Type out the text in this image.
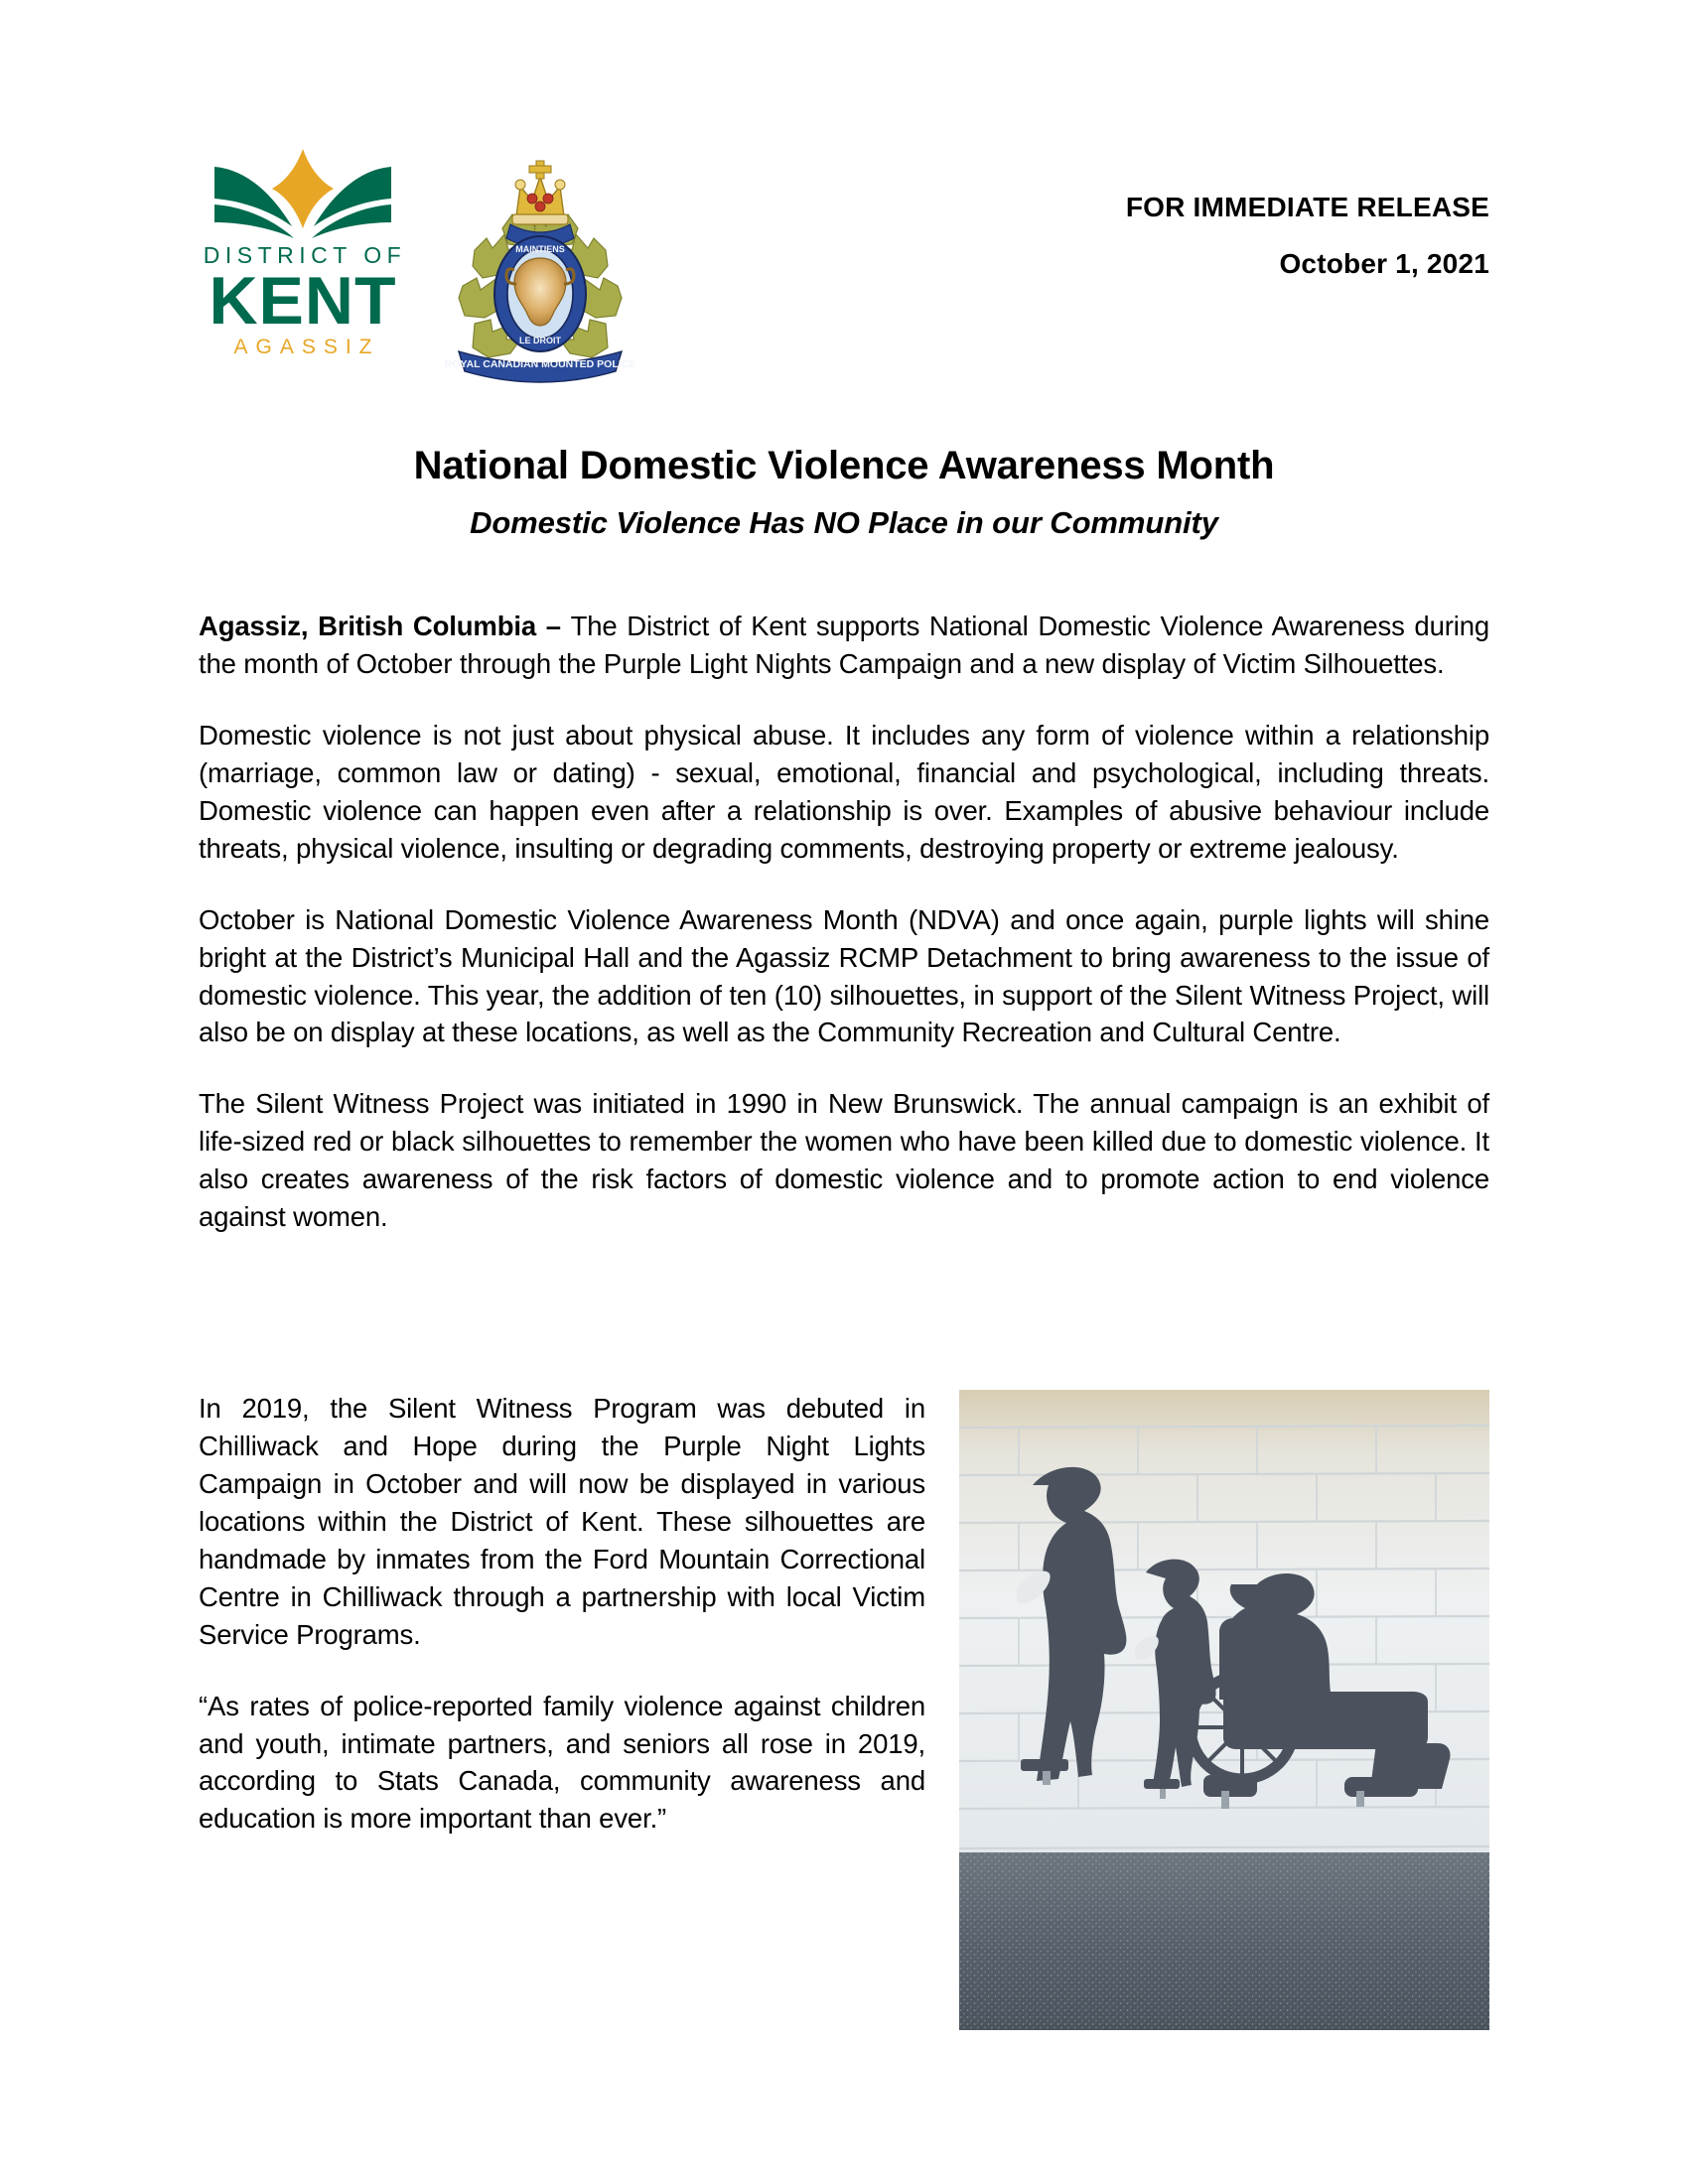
DISTRICT OF
KENT
AGASSIZ
MAINTIENS
LE DROIT
ROYAL CANADIAN MOUNTED POLICE
FOR IMMEDIATE RELEASE
October 1, 2021
National Domestic Violence Awareness Month
Domestic Violence Has NO Place in our Community

Agassiz, British Columbia – The District of Kent supports National Domestic Violence Awareness during the month of October through the Purple Light Nights Campaign and a new display of Victim Silhouettes.

Domestic violence is not just about physical abuse. It includes any form of violence within a relationship (marriage, common law or dating) - sexual, emotional, financial and psychological, including threats. Domestic violence can happen even after a relationship is over. Examples of abusive behaviour include threats, physical violence, insulting or degrading comments, destroying property or extreme jealousy.

October is National Domestic Violence Awareness Month (NDVA) and once again, purple lights will shine bright at the District’s Municipal Hall and the Agassiz RCMP Detachment to bring awareness to the issue of domestic violence. This year, the addition of ten (10) silhouettes, in support of the Silent Witness Project, will also be on display at these locations, as well as the Community Recreation and Cultural Centre.

The Silent Witness Project was initiated in 1990 in New Brunswick. The annual campaign is an exhibit of life-sized red or black silhouettes to remember the women who have been killed due to domestic violence. It also creates awareness of the risk factors of domestic violence and to promote action to end violence against women.

In 2019, the Silent Witness Program was debuted in Chilliwack and Hope during the Purple Night Lights Campaign in October and will now be displayed in various locations within the District of Kent. These silhouettes are handmade by inmates from the Ford Mountain Correctional Centre in Chilliwack through a partnership with local Victim Service Programs.

“As rates of police-reported family violence against children and youth, intimate partners, and seniors all rose in 2019, according to Stats Canada, community awareness and education is more important than ever.”
